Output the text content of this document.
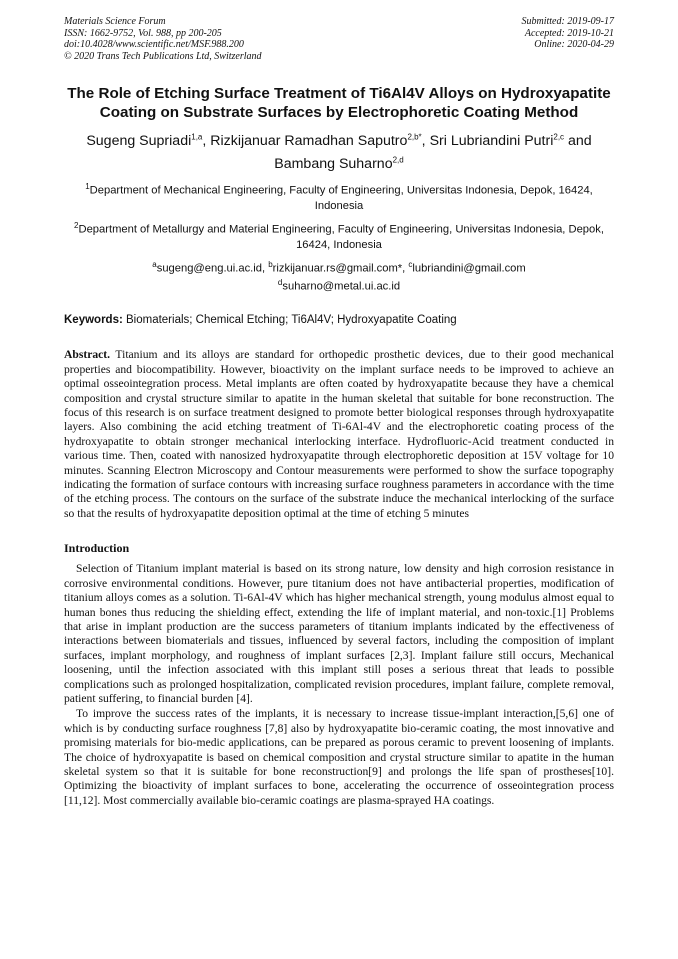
Materials Science Forum
ISSN: 1662-9752, Vol. 988, pp 200-205
doi:10.4028/www.scientific.net/MSF.988.200
© 2020 Trans Tech Publications Ltd, Switzerland
Submitted: 2019-09-17
Accepted: 2019-10-21
Online: 2020-04-29
The Role of Etching Surface Treatment of Ti6Al4V Alloys on Hydroxyapatite Coating on Substrate Surfaces by Electrophoretic Coating Method
Sugeng Supriadi$^{1,a}$, Rizkijanuar Ramadhan Saputro$^{2,b*}$, Sri Lubriandini Putri$^{2,c}$ and Bambang Suharno$^{2,d}$
$^1$Department of Mechanical Engineering, Faculty of Engineering, Universitas Indonesia, Depok, 16424, Indonesia
$^2$Department of Metallurgy and Material Engineering, Faculty of Engineering, Universitas Indonesia, Depok, 16424, Indonesia
$^a$sugeng@eng.ui.ac.id, $^b$rizkijanuar.rs@gmail.com*, $^c$lubriandini@gmail.com
$^d$suharno@metal.ui.ac.id
Keywords: Biomaterials; Chemical Etching; Ti6Al4V; Hydroxyapatite Coating
Abstract. Titanium and its alloys are standard for orthopedic prosthetic devices, due to their good mechanical properties and biocompatibility. However, bioactivity on the implant surface needs to be improved to achieve an optimal osseointegration process. Metal implants are often coated by hydroxyapatite because they have a chemical composition and crystal structure similar to apatite in the human skeletal that suitable for bone reconstruction. The focus of this research is on surface treatment designed to promote better biological responses through hydroxyapatite layers. Also combining the acid etching treatment of Ti-6Al-4V and the electrophoretic coating process of the hydroxyapatite to obtain stronger mechanical interlocking interface. Hydrofluoric-Acid treatment conducted in various time. Then, coated with nanosized hydroxyapatite through electrophoretic deposition at 15V voltage for 10 minutes. Scanning Electron Microscopy and Contour measurements were performed to show the surface topography indicating the formation of surface contours with increasing surface roughness parameters in accordance with the time of the etching process. The contours on the surface of the substrate induce the mechanical interlocking of the surface so that the results of hydroxyapatite deposition optimal at the time of etching 5 minutes
Introduction
Selection of Titanium implant material is based on its strong nature, low density and high corrosion resistance in corrosive environmental conditions. However, pure titanium does not have antibacterial properties, modification of titanium alloys comes as a solution. Ti-6Al-4V which has higher mechanical strength, young modulus almost equal to human bones thus reducing the shielding effect, extending the life of implant material, and non-toxic.[1] Problems that arise in implant production are the success parameters of titanium implants indicated by the effectiveness of interactions between biomaterials and tissues, influenced by several factors, including the composition of implant surfaces, implant morphology, and roughness of implant surfaces [2,3]. Implant failure still occurs, Mechanical loosening, until the infection associated with this implant still poses a serious threat that leads to possible complications such as prolonged hospitalization, complicated revision procedures, implant failure, complete removal, patient suffering, to financial burden [4].
To improve the success rates of the implants, it is necessary to increase tissue-implant interaction,[5,6] one of which is by conducting surface roughness [7,8] also by hydroxyapatite bio-ceramic coating, the most innovative and promising materials for bio-medic applications, can be prepared as porous ceramic to prevent loosening of implants. The choice of hydroxyapatite is based on chemical composition and crystal structure similar to apatite in the human skeletal system so that it is suitable for bone reconstruction[9] and prolongs the life span of prostheses[10]. Optimizing the bioactivity of implant surfaces to bone, accelerating the occurrence of osseointegration process [11,12]. Most commercially available bio-ceramic coatings are plasma-sprayed HA coatings.
